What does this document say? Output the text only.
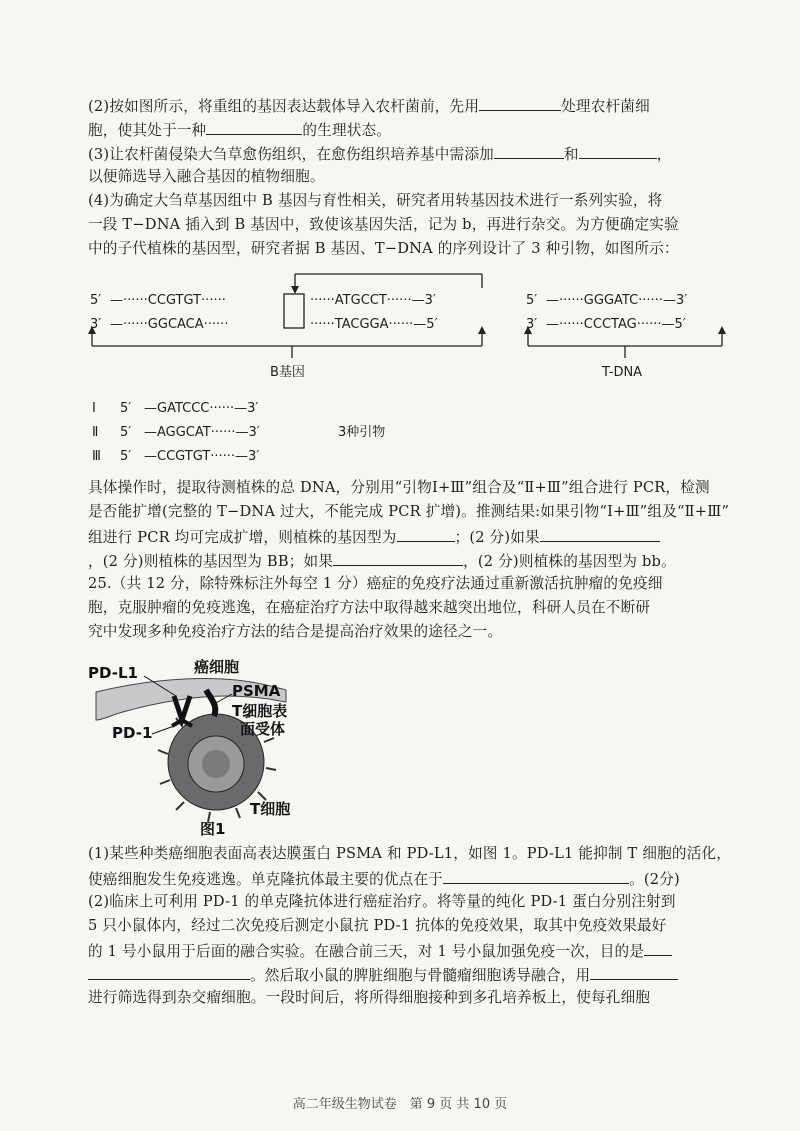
(2)按如图所示，将重组的基因表达载体导入农杆菌前，先用	处理农杆菌细
胞，使其处于一种	的生理状态。
(3)让农杆菌侵染大刍草愈伤组织，在愈伤组织培养基中需添加	和	，
以便筛选导入融合基因的植物细胞。
(4)为确定大刍草基因组中 B 基因与育性相关，研究者用转基因技术进行一系列实验，将
一段 T−DNA 插入到 B 基因中，致使该基因失活，记为 b，再进行杂交。为方便确定实验
中的子代植株的基因型，研究者据 B 基因、T−DNA 的序列设计了 3 种引物，如图所示：
5′ —······CCGTGT······	······ATGCCT······—3′
3′ —······GGCACA······	······TACGGA······—5′
5′ —······GGGATC······—3′
3′ —······CCCTAG······—5′
B基因	T-DNA
Ⅰ 5′ —GATCCC······—3′
Ⅱ 5′ —AGGCAT······—3′
Ⅲ 5′ —CCGTGT······—3′
3种引物
具体操作时，提取待测植株的总 DNA，分别用“引物Ⅰ+Ⅲ”组合及“Ⅱ+Ⅲ”组合进行 PCR，检测
是否能扩增(完整的 T−DNA 过大，不能完成 PCR 扩增)。推测结果:如果引物“Ⅰ+Ⅲ”组及“Ⅱ+Ⅲ”
组进行 PCR 均可完成扩增，则植株的基因型为	；(2 分)如果
，(2 分)则植株的基因型为 BB；如果	，(2 分)则植株的基因型为 bb。
25.（共 12 分，除特殊标注外每空 1 分）癌症的免疫疗法通过重新激活抗肿瘤的免疫细
胞，克服肿瘤的免疫逃逸，在癌症治疗方法中取得越来越突出地位，科研人员在不断研
究中发现多种免疫治疗方法的结合是提高治疗效果的途径之一。
癌细胞
PD-L1
PSMA
T细胞表
面受体
PD-1
T细胞
图1
(1)某些种类癌细胞表面高表达膜蛋白 PSMA 和 PD-L1，如图 1。PD-L1 能抑制 T 细胞的活化，
使癌细胞发生免疫逃逸。单克隆抗体最主要的优点在于	。(2分)
(2)临床上可利用 PD-1 的单克隆抗体进行癌症治疗。将等量的纯化 PD-1 蛋白分别注射到
5 只小鼠体内，经过二次免疫后测定小鼠抗 PD-1 抗体的免疫效果，取其中免疫效果最好
的 1 号小鼠用于后面的融合实验。在融合前三天，对 1 号小鼠加强免疫一次，目的是
。然后取小鼠的脾脏细胞与骨髓瘤细胞诱导融合，用
进行筛选得到杂交瘤细胞。一段时间后，将所得细胞接种到多孔培养板上，使每孔细胞
高二年级生物试卷　第 9 页 共 10 页
